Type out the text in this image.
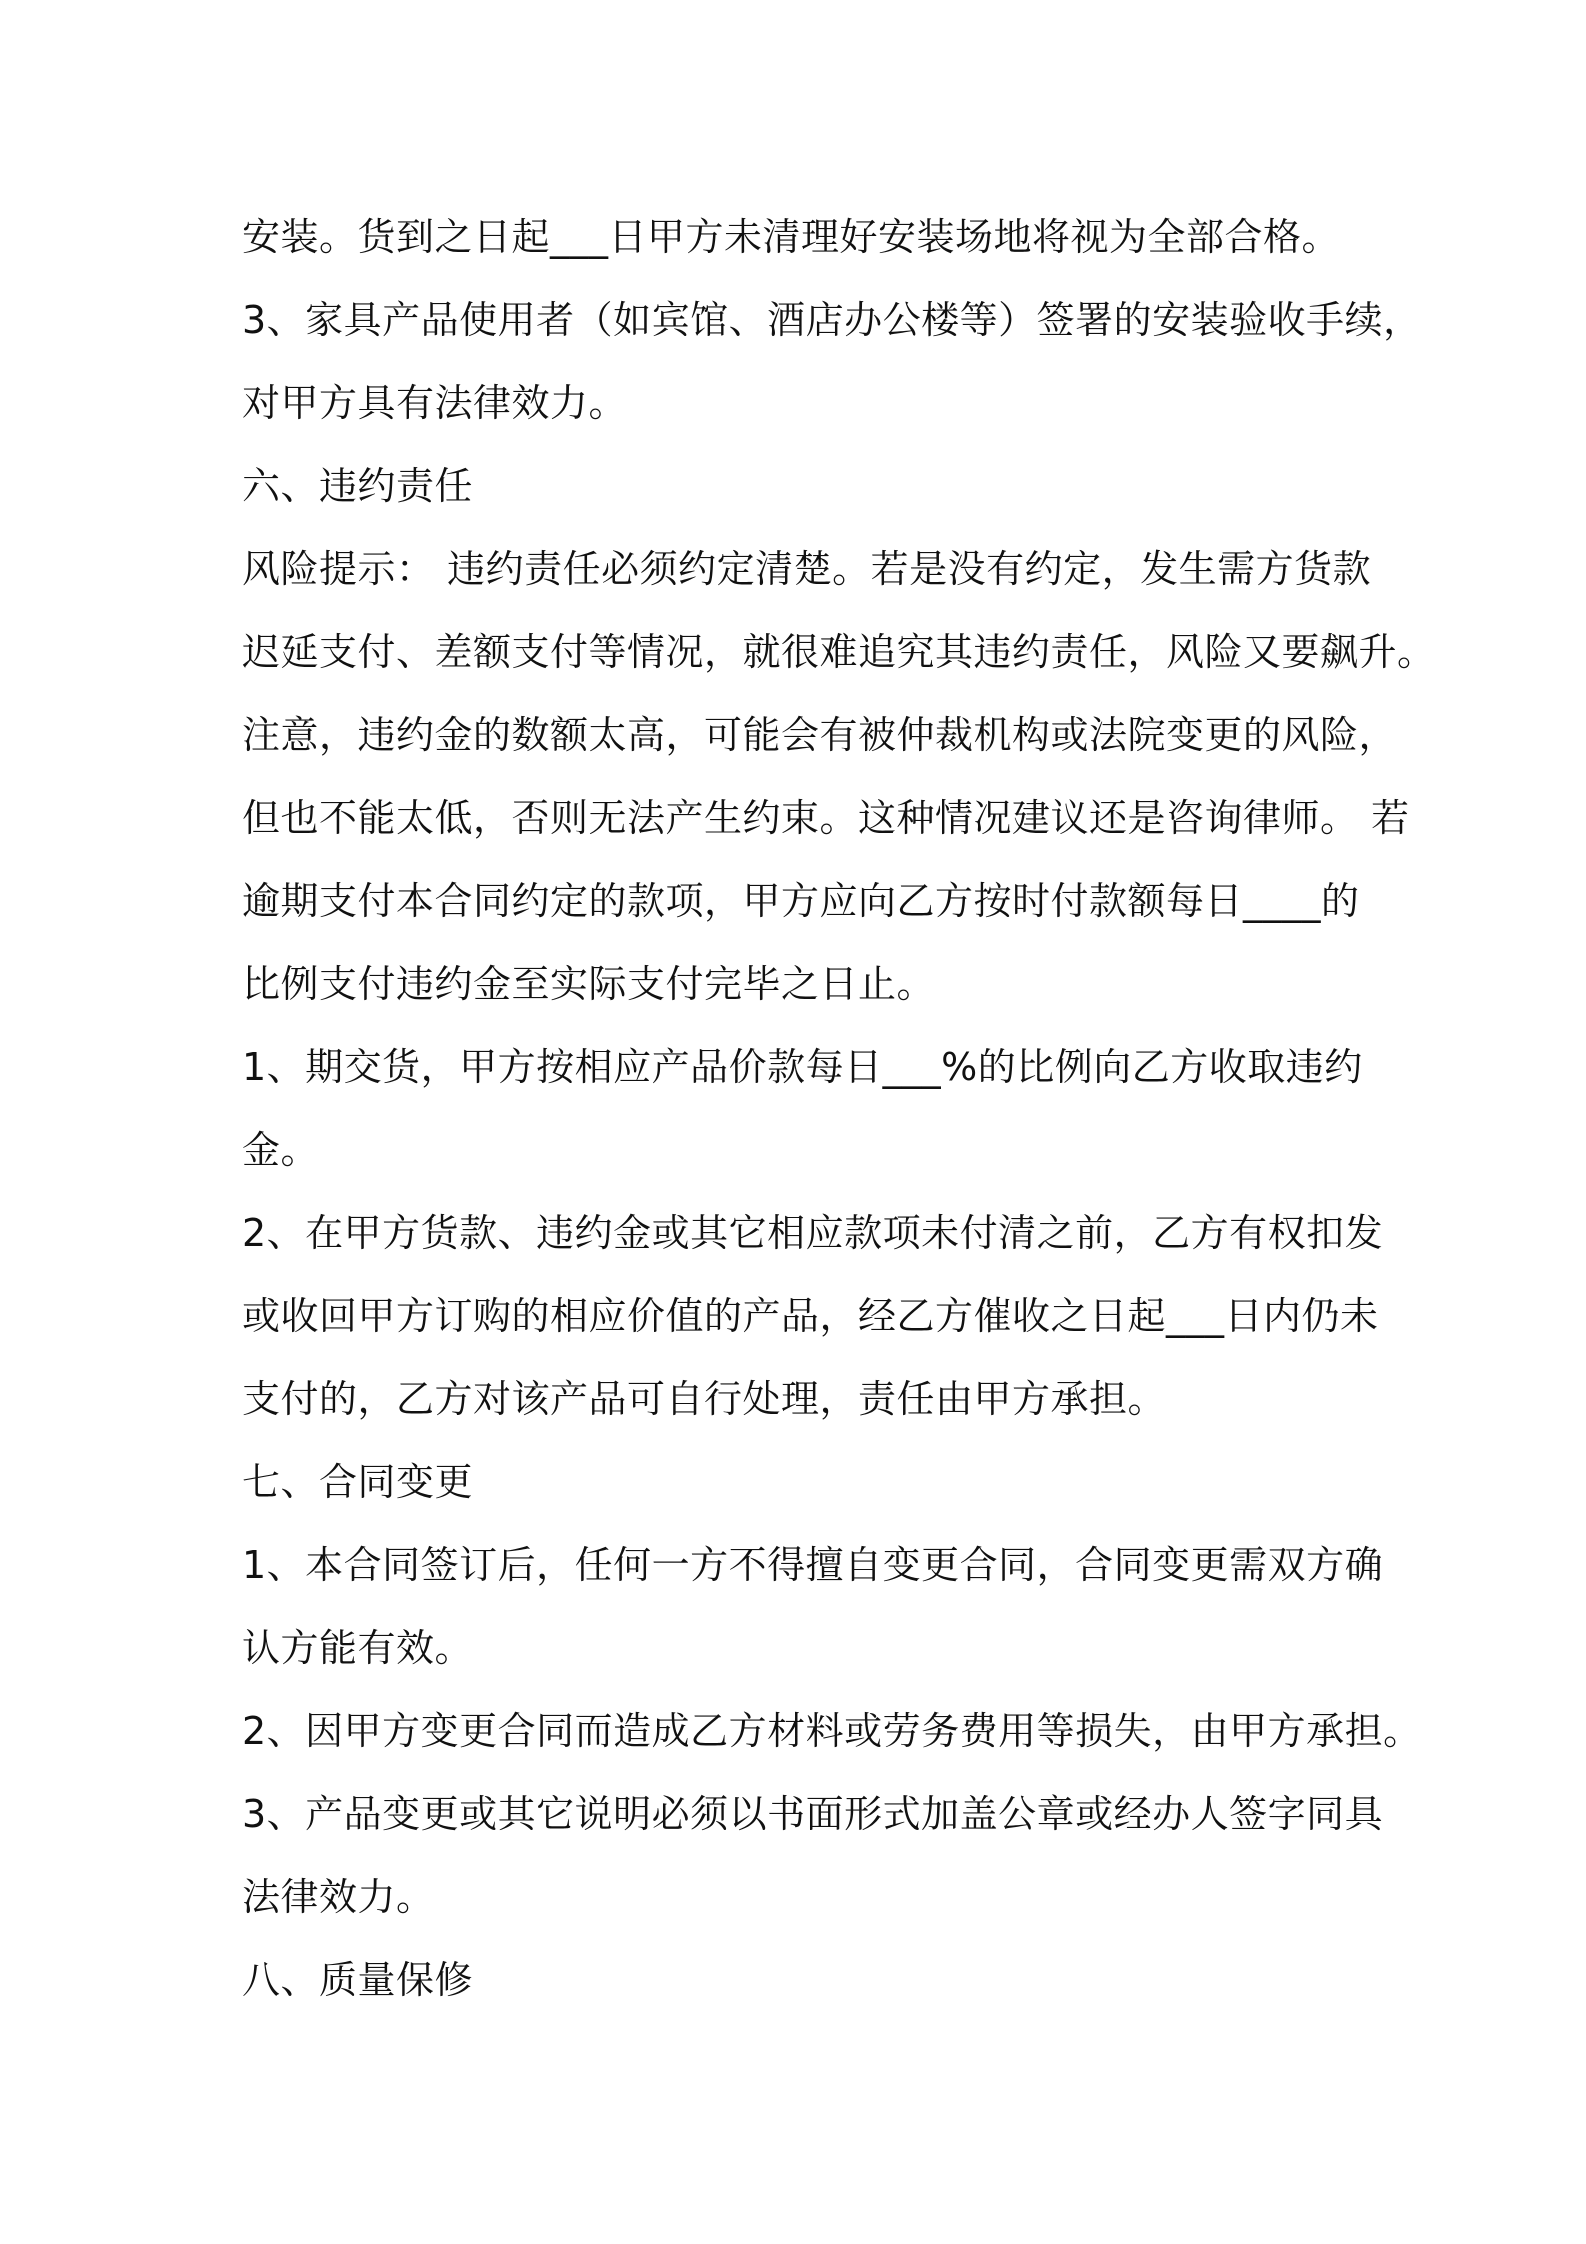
安装。货到之日起___日甲方未清理好安装场地将视为全部合格。
3、家具产品使用者（如宾馆、酒店办公楼等）签署的安装验收手续，
对甲方具有法律效力。
六、违约责任
风险提示： 违约责任必须约定清楚。若是没有约定，发生需方货款
迟延支付、差额支付等情况，就很难追究其违约责任，风险又要飙升。
注意，违约金的数额太高，可能会有被仲裁机构或法院变更的风险，
但也不能太低，否则无法产生约束。这种情况建议还是咨询律师。 若
逾期支付本合同约定的款项，甲方应向乙方按时付款额每日____的
比例支付违约金至实际支付完毕之日止。
1、期交货，甲方按相应产品价款每日___%的比例向乙方收取违约
金。
2、在甲方货款、违约金或其它相应款项未付清之前，乙方有权扣发
或收回甲方订购的相应价值的产品，经乙方催收之日起___日内仍未
支付的，乙方对该产品可自行处理，责任由甲方承担。
七、合同变更
1、本合同签订后，任何一方不得擅自变更合同，合同变更需双方确
认方能有效。
2、因甲方变更合同而造成乙方材料或劳务费用等损失，由甲方承担。
3、产品变更或其它说明必须以书面形式加盖公章或经办人签字同具
法律效力。
八、质量保修
